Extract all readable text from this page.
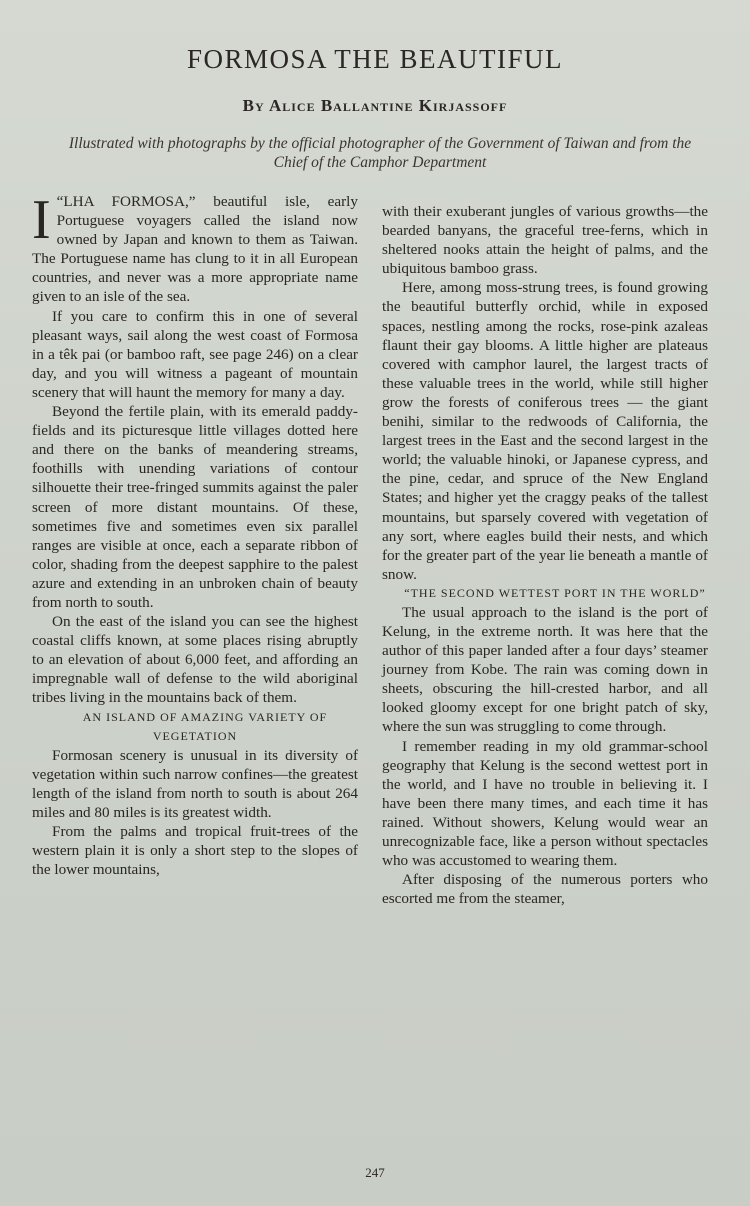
FORMOSA THE BEAUTIFUL
By Alice Ballantine Kirjassoff

Illustrated with photographs by the official photographer of the Government of Taiwan and from the Chief of the Camphor Department

I “LHA FORMOSA,” beautiful isle, early Portuguese voyagers called the island now owned by Japan and known to them as Taiwan. The Portuguese name has clung to it in all European countries, and never was a more appropriate name given to an isle of the sea.

If you care to confirm this in one of several pleasant ways, sail along the west coast of Formosa in a têk pai (or bamboo raft, see page 246) on a clear day, and you will witness a pageant of mountain scenery that will haunt the memory for many a day.

Beyond the fertile plain, with its emerald paddy-fields and its picturesque little villages dotted here and there on the banks of meandering streams, foothills with unending variations of contour silhouette their tree-fringed summits against the paler screen of more distant mountains. Of these, sometimes five and sometimes even six parallel ranges are visible at once, each a separate ribbon of color, shading from the deepest sapphire to the palest azure and extending in an unbroken chain of beauty from north to south.

On the east of the island you can see the highest coastal cliffs known, at some places rising abruptly to an elevation of about 6,000 feet, and affording an impregnable wall of defense to the wild aboriginal tribes living in the mountains back of them.

AN ISLAND OF AMAZING VARIETY OF VEGETATION

Formosan scenery is unusual in its diversity of vegetation within such narrow confines—the greatest length of the island from north to south is about 264 miles and 80 miles is its greatest width.

From the palms and tropical fruit-trees of the western plain it is only a short step to the slopes of the lower mountains,

with their exuberant jungles of various growths—the bearded banyans, the graceful tree-ferns, which in sheltered nooks attain the height of palms, and the ubiquitous bamboo grass.

Here, among moss-strung trees, is found growing the beautiful butterfly orchid, while in exposed spaces, nestling among the rocks, rose-pink azaleas flaunt their gay blooms. A little higher are plateaus covered with camphor laurel, the largest tracts of these valuable trees in the world, while still higher grow the forests of coniferous trees — the giant benihi, similar to the redwoods of California, the largest trees in the East and the second largest in the world; the valuable hinoki, or Japanese cypress, and the pine, cedar, and spruce of the New England States; and higher yet the craggy peaks of the tallest mountains, but sparsely covered with vegetation of any sort, where eagles build their nests, and which for the greater part of the year lie beneath a mantle of snow.

“THE SECOND WETTEST PORT IN THE WORLD”

The usual approach to the island is the port of Kelung, in the extreme north. It was here that the author of this paper landed after a four days’ steamer journey from Kobe. The rain was coming down in sheets, obscuring the hill-crested harbor, and all looked gloomy except for one bright patch of sky, where the sun was struggling to come through.

I remember reading in my old grammar-school geography that Kelung is the second wettest port in the world, and I have no trouble in believing it. I have been there many times, and each time it has rained. Without showers, Kelung would wear an unrecognizable face, like a person without spectacles who was accustomed to wearing them.

After disposing of the numerous porters who escorted me from the steamer,

247
